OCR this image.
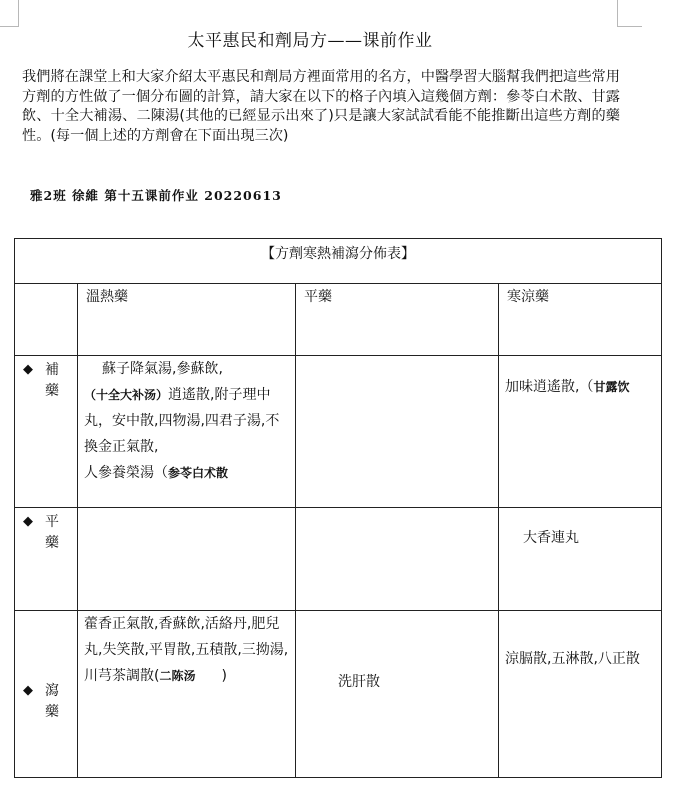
太平惠民和劑局方——课前作业
我們將在課堂上和大家介紹太平惠民和劑局方裡面常用的名方，中醫學習大腦幫我們把這些常用方劑的方性做了一個分布圖的計算，請大家在以下的格子內填入這幾個方劑：參苓白术散、甘露飲、十全大補湯、二陳湯(其他的已經显示出來了)只是讓大家試試看能不能推斷出這些方劑的藥性。(每一個上述的方劑會在下面出現三次)
雅2班 徐維 第十五课前作业 20220613
【方劑寒熱補瀉分佈表】			

	溫熱藥	平藥	寒涼藥

◆ 補藥	蘇子降氣湯,參蘇飲,
（十全大补汤）逍遙散,附子理中丸，安中散,四物湯,四君子湯,不換金正氣散,
人參養榮湯（参苓白术散		加味逍遙散,（甘露饮

◆ 平藥			大香連丸

◆ 瀉藥	藿香正氣散,香蘇飲,活絡丹,肥兒丸,失笑散,平胃散,五積散,三拗湯,川芎茶調散(二陈汤 )	洗肝散	涼膈散,五淋散,八正散
